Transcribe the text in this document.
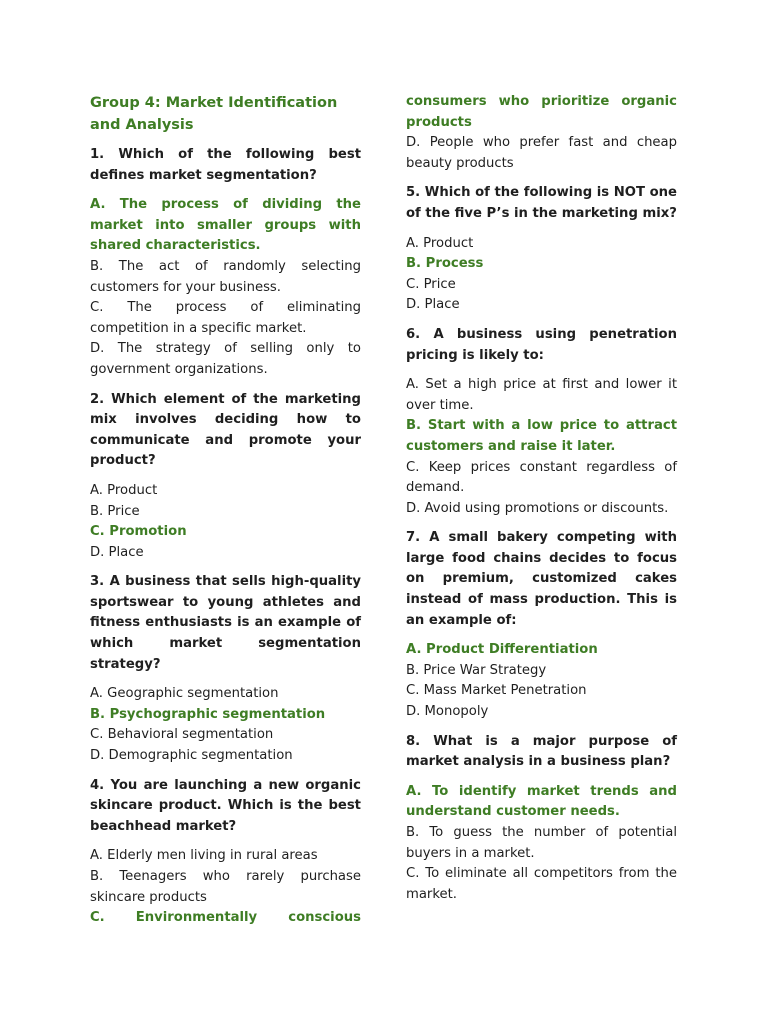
Group 4: Market Identification and Analysis
1. Which of the following best defines market segmentation?
A. The process of dividing the market into smaller groups with shared characteristics.
B. The act of randomly selecting customers for your business.
C. The process of eliminating competition in a specific market.
D. The strategy of selling only to government organizations.
2. Which element of the marketing mix involves deciding how to communicate and promote your product?
A. Product
B. Price
C. Promotion
D. Place
3. A business that sells high-quality sportswear to young athletes and fitness enthusiasts is an example of which market segmentation strategy?
A. Geographic segmentation
B. Psychographic segmentation
C. Behavioral segmentation
D. Demographic segmentation
4. You are launching a new organic skincare product. Which is the best beachhead market?
A. Elderly men living in rural areas
B. Teenagers who rarely purchase skincare products
C. Environmentally conscious
consumers who prioritize organic products
D. People who prefer fast and cheap beauty products
5. Which of the following is NOT one of the five P’s in the marketing mix?
A. Product
B. Process
C. Price
D. Place
6. A business using penetration pricing is likely to:
A. Set a high price at first and lower it over time.
B. Start with a low price to attract customers and raise it later.
C. Keep prices constant regardless of demand.
D. Avoid using promotions or discounts.
7. A small bakery competing with large food chains decides to focus on premium, customized cakes instead of mass production. This is an example of:
A. Product Differentiation
B. Price War Strategy
C. Mass Market Penetration
D. Monopoly
8. What is a major purpose of market analysis in a business plan?
A. To identify market trends and understand customer needs.
B. To guess the number of potential buyers in a market.
C. To eliminate all competitors from the market.
